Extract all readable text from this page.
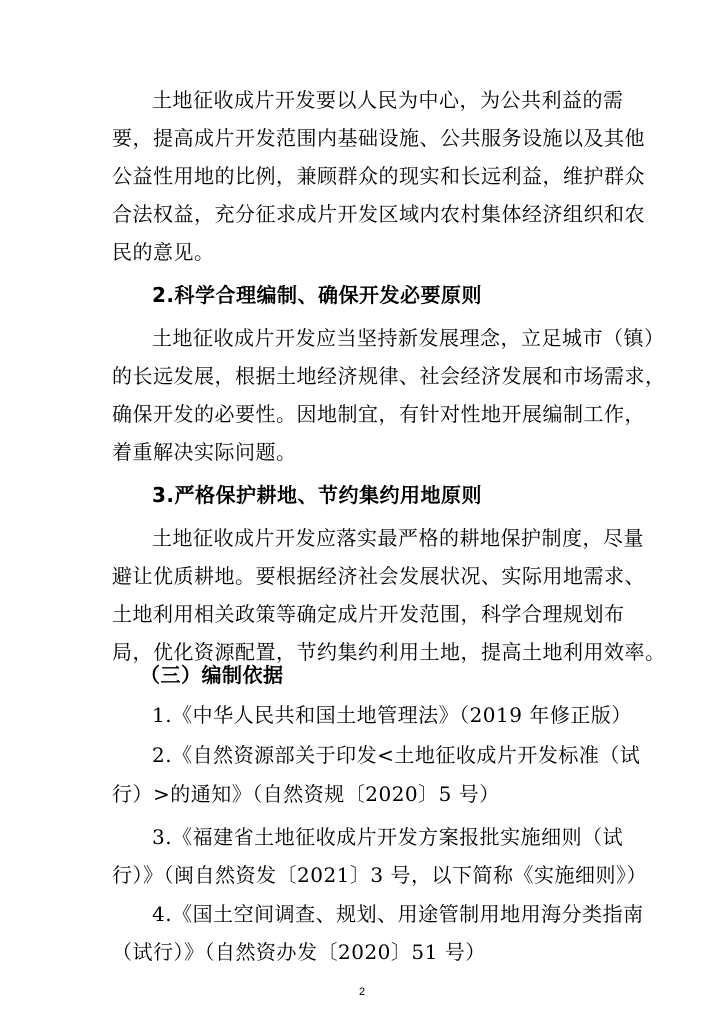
土地征收成片开发要以人民为中心，为公共利益的需
要，提高成片开发范围内基础设施、公共服务设施以及其他
公益性用地的比例，兼顾群众的现实和长远利益，维护群众
合法权益，充分征求成片开发区域内农村集体经济组织和农
民的意见。
2.科学合理编制、确保开发必要原则
土地征收成片开发应当坚持新发展理念，立足城市（镇）
的长远发展，根据土地经济规律、社会经济发展和市场需求，
确保开发的必要性。因地制宜，有针对性地开展编制工作，
着重解决实际问题。
3.严格保护耕地、节约集约用地原则
土地征收成片开发应落实最严格的耕地保护制度，尽量
避让优质耕地。要根据经济社会发展状况、实际用地需求、
土地利用相关政策等确定成片开发范围，科学合理规划布
局，优化资源配置，节约集约利用土地，提高土地利用效率。
（三）编制依据
1.《中华人民共和国土地管理法》（2019 年修正版）
2.《自然资源部关于印发<土地征收成片开发标准（试
行）>的通知》（自然资规〔2020〕5 号）
3.《福建省土地征收成片开发方案报批实施细则（试
行）》（闽自然资发〔2021〕3 号，以下简称《实施细则》）
4.《国土空间调查、规划、用途管制用地用海分类指南
（试行）》（自然资办发〔2020〕51 号）
2
